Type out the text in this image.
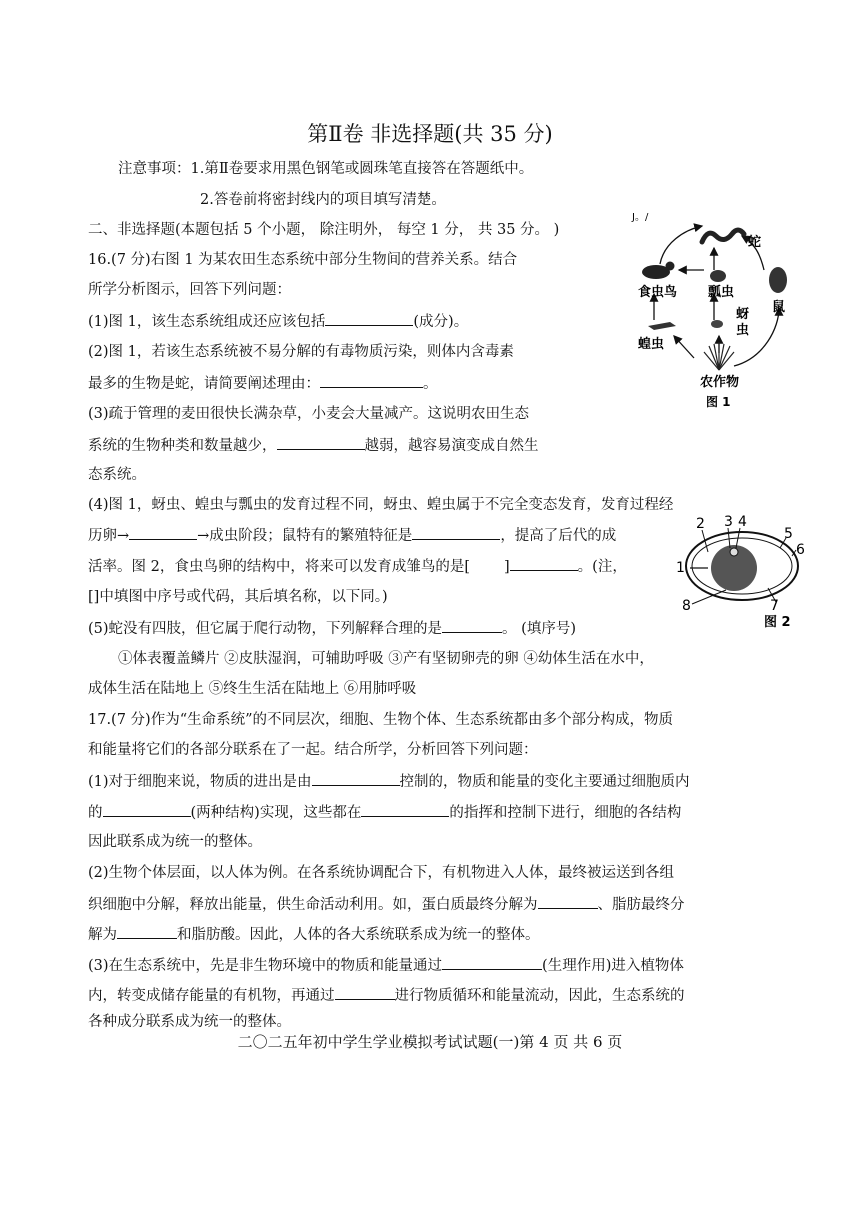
第Ⅱ卷 非选择题(共 35 分)
注意事项：1.第Ⅱ卷要求用黑色钢笔或圆珠笔直接答在答题纸中。
2.答卷前将密封线内的项目填写清楚。
二、非选择题(本题包括 5 个小题， 除注明外， 每空 1 分， 共 35 分。 )
16.(7 分)右图 1 为某农田生态系统中部分生物间的营养关系。结合
所学分析图示，回答下列问题：
(1)图 1，该生态系统组成还应该包括	(成分)。
(2)图 1，若该生态系统被不易分解的有毒物质污染，则体内含毒素
最多的生物是蛇，请简要阐述理由：	。
(3)疏于管理的麦田很快长满杂草，小麦会大量减产。这说明农田生态
系统的生物种类和数量越少，	越弱，越容易演变成自然生
态系统。
(4)图 1，蚜虫、蝗虫与瓢虫的发育过程不同，蚜虫、蝗虫属于不完全变态发育，发育过程经
历卵→	→成虫阶段；鼠特有的繁殖特征是	，提高了后代的成
活率。图 2，食虫鸟卵的结构中，将来可以发育成雏鸟的是[ ]	。(注，
[]中填图中序号或代码，其后填名称，以下同。)
(5)蛇没有四肢，但它属于爬行动物，下列解释合理的是	。 (填序号)
①体表覆盖鳞片 ②皮肤湿润，可辅助呼吸 ③产有坚韧卵壳的卵 ④幼体生活在水中，
成体生活在陆地上 ⑤终生生活在陆地上 ⑥用肺呼吸
17.(7 分)作为“生命系统”的不同层次，细胞、生物个体、生态系统都由多个部分构成，物质
和能量将它们的各部分联系在了一起。结合所学，分析回答下列问题：
(1)对于细胞来说，物质的进出是由	控制的，物质和能量的变化主要通过细胞质内
的	(两种结构)实现，这些都在	的指挥和控制下进行，细胞的各结构
因此联系成为统一的整体。
(2)生物个体层面，以人体为例。在各系统协调配合下，有机物进入人体，最终被运送到各组
织细胞中分解，释放出能量，供生命活动利用。如，蛋白质最终分解为	、脂肪最终分
解为	和脂肪酸。因此，人体的各大系统联系成为统一的整体。
(3)在生态系统中，先是非生物环境中的物质和能量通过	(生理作用)进入植物体
内，转变成储存能量的有机物，再通过	进行物质循环和能量流动，因此，生态系统的
各种成分联系成为统一的整体。
二〇二五年初中学生学业模拟考试试题(一)第 4 页 共 6 页
J。/
蛇
食虫鸟 瓢虫
鼠
蚜
虫
蝗虫
农作物
图 1
1
2 3 4
5
6
7
8
图 2
